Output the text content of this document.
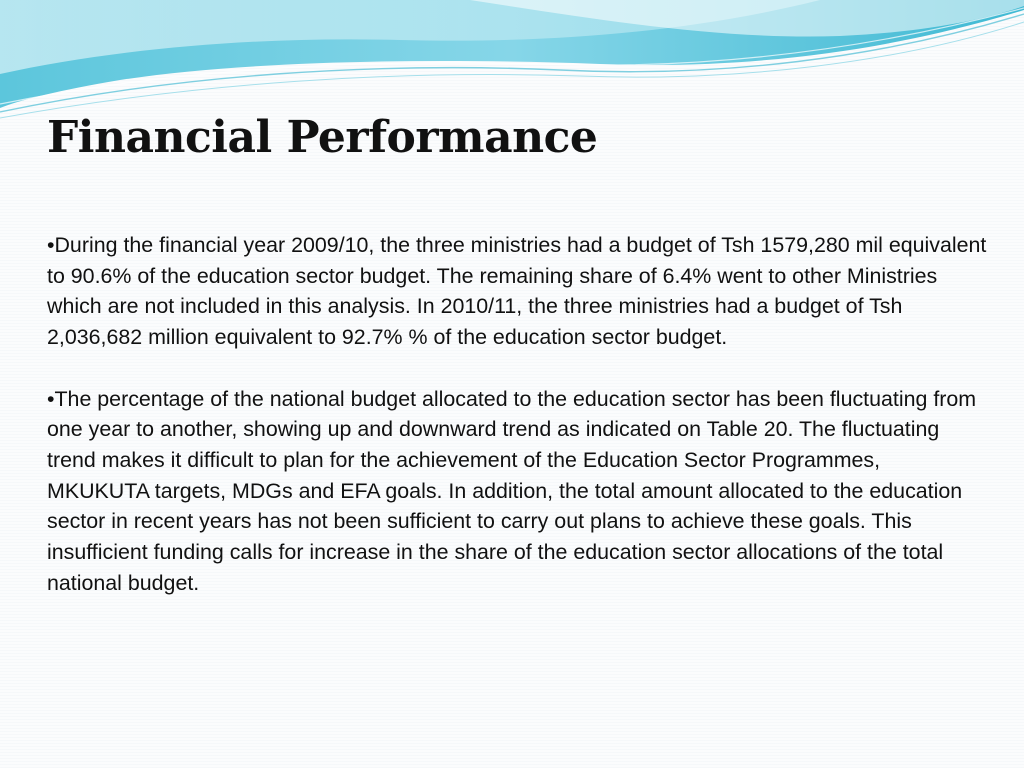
Financial Performance

•During the financial year 2009/10, the three ministries had a budget of Tsh 1579,280 mil equivalent to 90.6% of the education sector budget. The remaining share of 6.4% went to other Ministries which are not included in this analysis. In 2010/11, the three ministries had a budget of Tsh 2,036,682 million equivalent to 92.7% % of the education sector budget.

•The percentage of the national budget allocated to the education sector has been fluctuating from one year to another, showing up and downward trend as indicated on Table 20. The fluctuating trend makes it difficult to plan for the achievement of the Education Sector Programmes, MKUKUTA targets, MDGs and EFA goals. In addition, the total amount allocated to the education sector in recent years has not been sufficient to carry out plans to achieve these goals. This insufficient funding calls for increase in the share of the education sector allocations of the total national budget.
